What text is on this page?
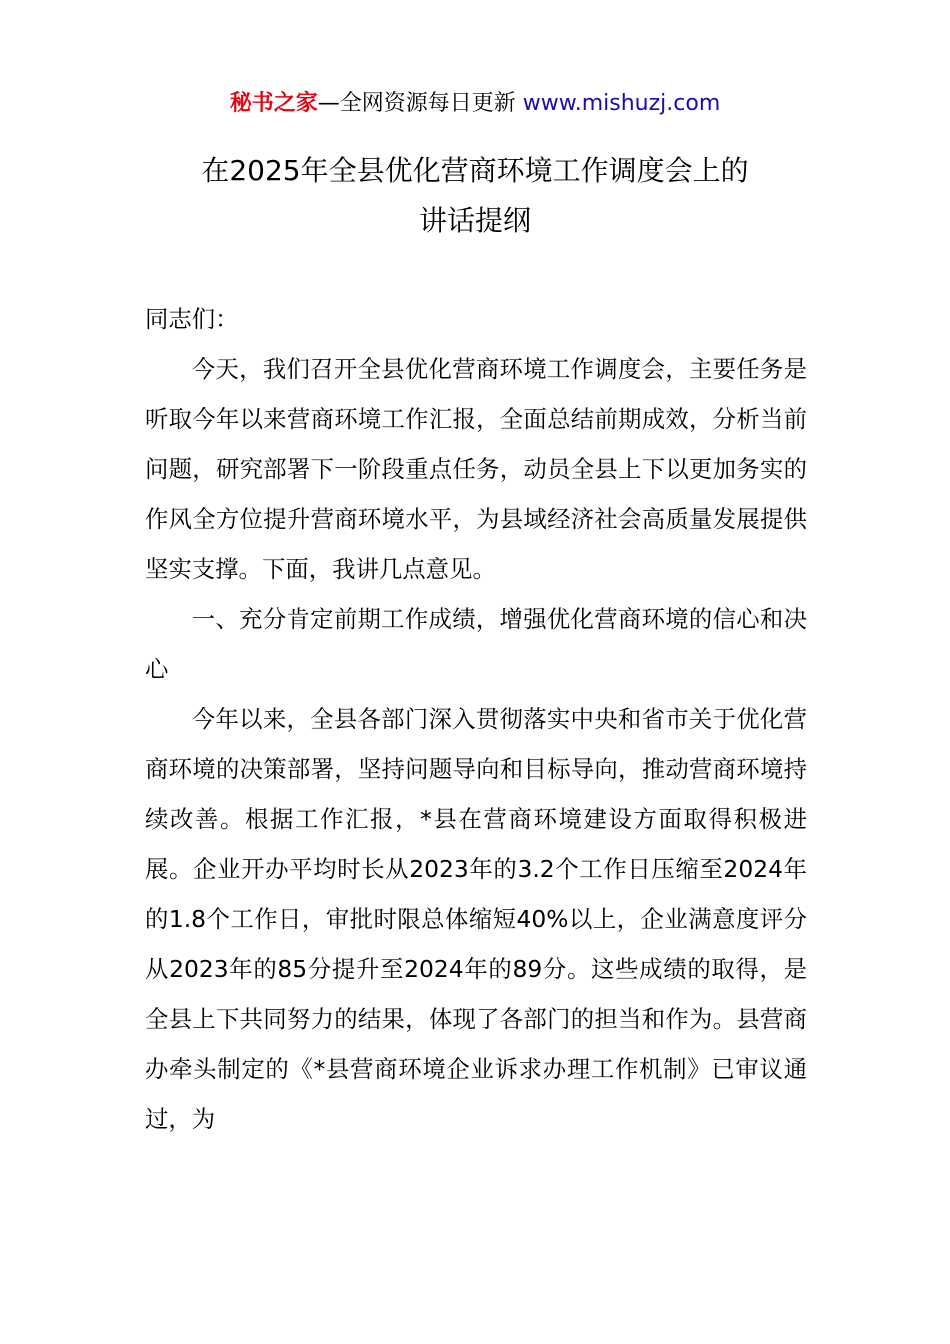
秘书之家—全网资源每日更新 www.mishuzj.com
在2025年全县优化营商环境工作调度会上的
讲话提纲

同志们：

今天，我们召开全县优化营商环境工作调度会，主要任务是听取今年以来营商环境工作汇报，全面总结前期成效，分析当前问题，研究部署下一阶段重点任务，动员全县上下以更加务实的作风全方位提升营商环境水平，为县域经济社会高质量发展提供坚实支撑。下面，我讲几点意见。

一、充分肯定前期工作成绩，增强优化营商环境的信心和决心

今年以来，全县各部门深入贯彻落实中央和省市关于优化营商环境的决策部署，坚持问题导向和目标导向，推动营商环境持续改善。根据工作汇报，*县在营商环境建设方面取得积极进展。企业开办平均时长从2023年的3.2个工作日压缩至2024年的1.8个工作日，审批时限总体缩短40%以上，企业满意度评分从2023年的85分提升至2024年的89分。这些成绩的取得，是全县上下共同努力的结果，体现了各部门的担当和作为。县营商办牵头制定的《*县营商环境企业诉求办理工作机制》已审议通过，为
